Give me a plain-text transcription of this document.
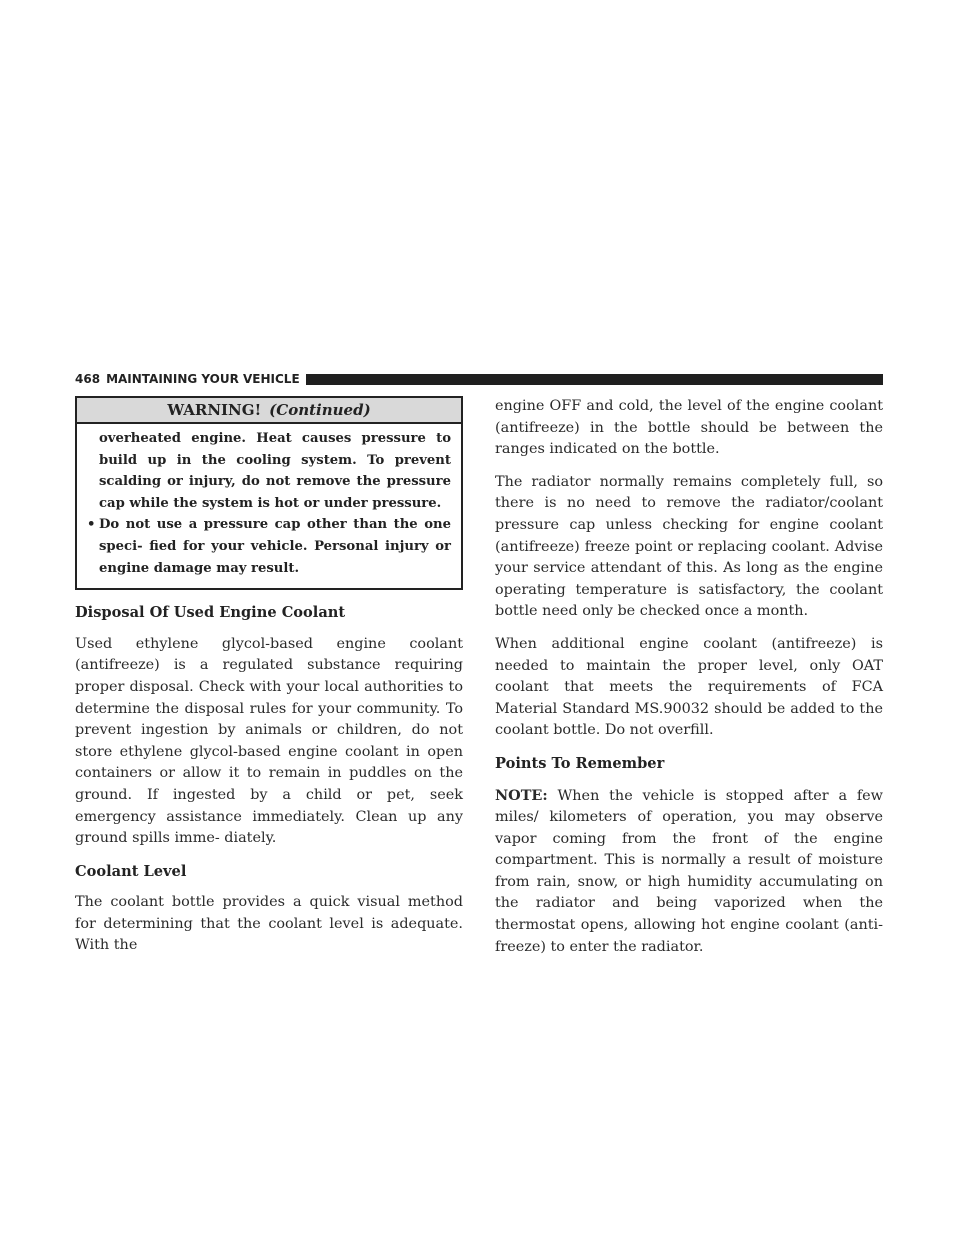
468 MAINTAINING YOUR VEHICLE
WARNING! (Continued)

overheated engine. Heat causes pressure to build up in the cooling system. To prevent scalding or injury, do not remove the pressure cap while the system is hot or under pressure.

• Do not use a pressure cap other than the one speci- fied for your vehicle. Personal injury or engine damage may result.

Disposal Of Used Engine Coolant

Used ethylene glycol-based engine coolant (antifreeze) is a regulated substance requiring proper disposal. Check with your local authorities to determine the disposal rules for your community. To prevent ingestion by animals or children, do not store ethylene glycol-based engine coolant in open containers or allow it to remain in puddles on the ground. If ingested by a child or pet, seek emergency assistance immediately. Clean up any ground spills imme- diately.

Coolant Level

The coolant bottle provides a quick visual method for determining that the coolant level is adequate. With the

engine OFF and cold, the level of the engine coolant (antifreeze) in the bottle should be between the ranges indicated on the bottle.

The radiator normally remains completely full, so there is no need to remove the radiator/coolant pressure cap unless checking for engine coolant (antifreeze) freeze point or replacing coolant. Advise your service attendant of this. As long as the engine operating temperature is satisfactory, the coolant bottle need only be checked once a month.

When additional engine coolant (antifreeze) is needed to maintain the proper level, only OAT coolant that meets the requirements of FCA Material Standard MS.90032 should be added to the coolant bottle. Do not overfill.

Points To Remember

NOTE: When the vehicle is stopped after a few miles/ kilometers of operation, you may observe vapor coming from the front of the engine compartment. This is normally a result of moisture from rain, snow, or high humidity accumulating on the radiator and being vaporized when the thermostat opens, allowing hot engine coolant (anti- freeze) to enter the radiator.
